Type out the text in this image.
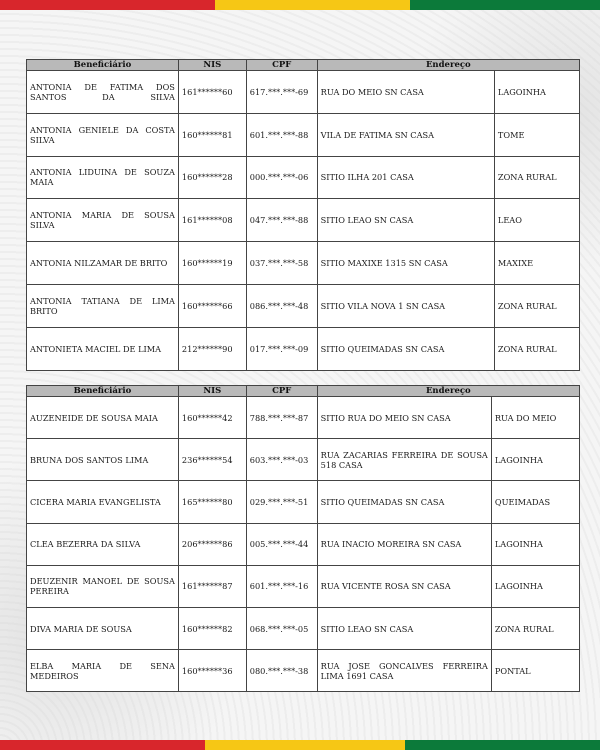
Beneficiário	NIS	CPF	Endereço	
ANTONIA DE FATIMA DOS SANTOS DA SILVA	161******60	617.***.***-69	RUA DO MEIO SN CASA	LAGOINHA
ANTONIA GENIELE DA COSTA SILVA	160******81	601.***.***-88	VILA DE FATIMA SN CASA	TOME
ANTONIA LIDUINA DE SOUZA MAIA	160******28	000.***.***-06	SITIO ILHA 201 CASA	ZONA RURAL
ANTONIA MARIA DE SOUSA SILVA	161******08	047.***.***-88	SITIO LEAO SN CASA	LEAO
ANTONIA NILZAMAR DE BRITO	160******19	037.***.***-58	SITIO MAXIXE 1315 SN CASA	MAXIXE
ANTONIA TATIANA DE LIMA BRITO	160******66	086.***.***-48	SITIO VILA NOVA 1 SN CASA	ZONA RURAL
ANTONIETA MACIEL DE LIMA	212******90	017.***.***-09	SITIO QUEIMADAS SN CASA	ZONA RURAL
Beneficiário	NIS	CPF	Endereço	
AUZENEIDE DE SOUSA MAIA	160******42	788.***.***-87	SITIO RUA DO MEIO SN CASA	RUA DO MEIO
BRUNA DOS SANTOS LIMA	236******54	603.***.***-03	RUA ZACARIAS FERREIRA DE SOUSA 518 CASA	LAGOINHA
CICERA MARIA EVANGELISTA	165******80	029.***.***-51	SITIO QUEIMADAS SN CASA	QUEIMADAS
CLEA BEZERRA DA SILVA	206******86	005.***.***-44	RUA INACIO MOREIRA SN CASA	LAGOINHA
DEUZENIR MANOEL DE SOUSA PEREIRA	161******87	601.***.***-16	RUA VICENTE ROSA SN CASA	LAGOINHA
DIVA MARIA DE SOUSA	160******82	068.***.***-05	SITIO LEAO SN CASA	ZONA RURAL
ELBA MARIA DE SENA MEDEIROS	160******36	080.***.***-38	RUA JOSE GONCALVES FERREIRA LIMA 1691 CASA	PONTAL
